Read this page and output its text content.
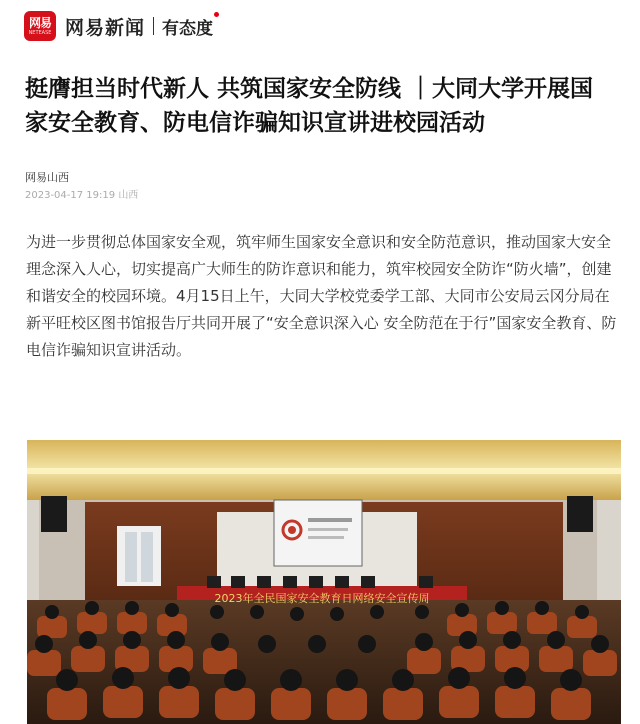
网易
NETEASE 网易新闻 有态度
挺膺担当时代新人 共筑国家安全防线 ｜大同大学开展国家安全教育、防电信诈骗知识宣讲进校园活动
网易山西
2023-04-17 19:19 山西

为进一步贯彻总体国家安全观，筑牢师生国家安全意识和安全防范意识，推动国家大安全理念深入人心，切实提高广大师生的防诈意识和能力，筑牢校园安全防诈“防火墙”，创建和谐安全的校园环境。4月15日上午，大同大学校党委学工部、大同市公安局云冈分局在新平旺校区图书馆报告厅共同开展了“安全意识深入心 安全防范在于行”国家安全教育、防电信诈骗知识宣讲活动。

2023年全民国家安全教育日网络安全宣传周
